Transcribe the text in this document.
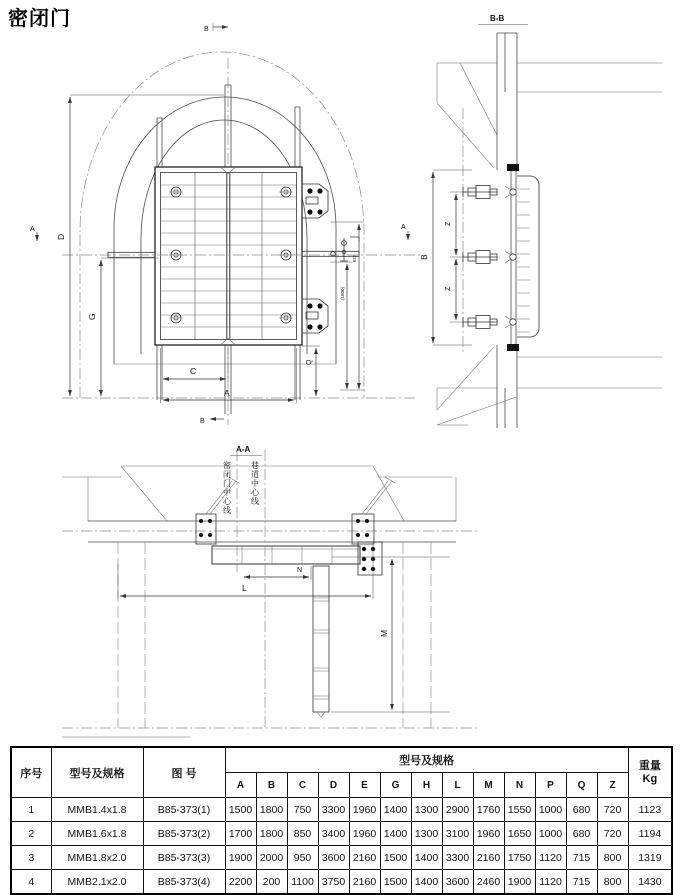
密闭门
D
G
C
A
Q
(1800)
E/2
B
B
A	A
B-B
B
Z
Z
A-A
密闭门中心线 巷道中心线
N
L
M
序号	型号及规格	图 号	型号及规格													重量
Kg

			A	B	C	D	E	G	H	L	M	N	P	Q	Z	
1	MMB1.4x1.8	B85-373(1)	1500	1800	750	3300	1960	1400	1300	2900	1760	1550	1000	680	720	1123
2	MMB1.6x1.8	B85-373(2)	1700	1800	850	3400	1960	1400	1300	3100	1960	1650	1000	680	720	1194
3	MMB1.8x2.0	B85-373(3)	1900	2000	950	3600	2160	1500	1400	3300	2160	1750	1120	715	800	1319
4	MMB2.1x2.0	B85-373(4)	2200	200	1100	3750	2160	1500	1400	3600	2460	1900	1120	715	800	1430
